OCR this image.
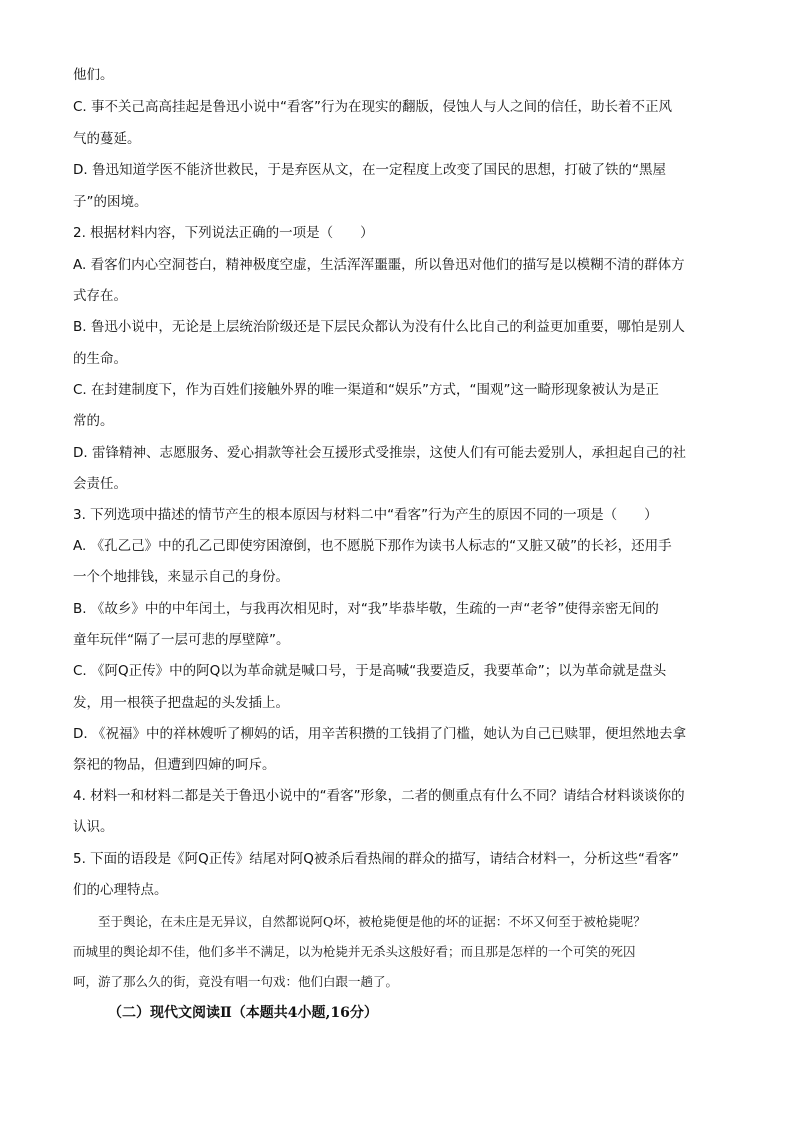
他们。
C. 事不关己高高挂起是鲁迅小说中“看客”行为在现实的翻版，侵蚀人与人之间的信任，助长着不正风
气的蔓延。
D. 鲁迅知道学医不能济世救民，于是弃医从文，在一定程度上改变了国民的思想，打破了铁的“黑屋
子”的困境。
2. 根据材料内容，下列说法正确的一项是（　　）
A. 看客们内心空洞苍白，精神极度空虚，生活浑浑噩噩，所以鲁迅对他们的描写是以模糊不清的群体方
式存在。
B. 鲁迅小说中，无论是上层统治阶级还是下层民众都认为没有什么比自己的利益更加重要，哪怕是别人
的生命。
C. 在封建制度下，作为百姓们接触外界的唯一渠道和“娱乐”方式，“围观”这一畸形现象被认为是正
常的。
D. 雷锋精神、志愿服务、爱心捐款等社会互援形式受推崇，这使人们有可能去爱别人，承担起自己的社
会责任。
3. 下列选项中描述的情节产生的根本原因与材料二中“看客”行为产生的原因不同的一项是（　　）
A. 《孔乙己》中的孔乙己即使穷困潦倒，也不愿脱下那作为读书人标志的“又脏又破”的长衫，还用手
一个个地排钱，来显示自己的身份。
B. 《故乡》中的中年闰土，与我再次相见时，对“我”毕恭毕敬，生疏的一声“老爷”使得亲密无间的
童年玩伴“隔了一层可悲的厚壁障”。
C. 《阿Q正传》中的阿Q以为革命就是喊口号，于是高喊“我要造反，我要革命”；以为革命就是盘头
发，用一根筷子把盘起的头发插上。
D. 《祝福》中的祥林嫂听了柳妈的话，用辛苦积攒的工钱捐了门槛，她认为自己已赎罪，便坦然地去拿
祭祀的物品，但遭到四婶的呵斥。
4. 材料一和材料二都是关于鲁迅小说中的“看客”形象，二者的侧重点有什么不同？请结合材料谈谈你的
认识。
5. 下面的语段是《阿Q正传》结尾对阿Q被杀后看热闹的群众的描写，请结合材料一，分析这些“看客”
们的心理特点。
　　至于舆论，在未庄是无异议，自然都说阿Q坏，被枪毙便是他的坏的证据：不坏又何至于被枪毙呢？
而城里的舆论却不佳，他们多半不满足，以为枪毙并无杀头这般好看；而且那是怎样的一个可笑的死囚
呵，游了那么久的街，竟没有唱一句戏：他们白跟一趟了。
（二）现代文阅读Ⅱ（本题共4小题,16分）
